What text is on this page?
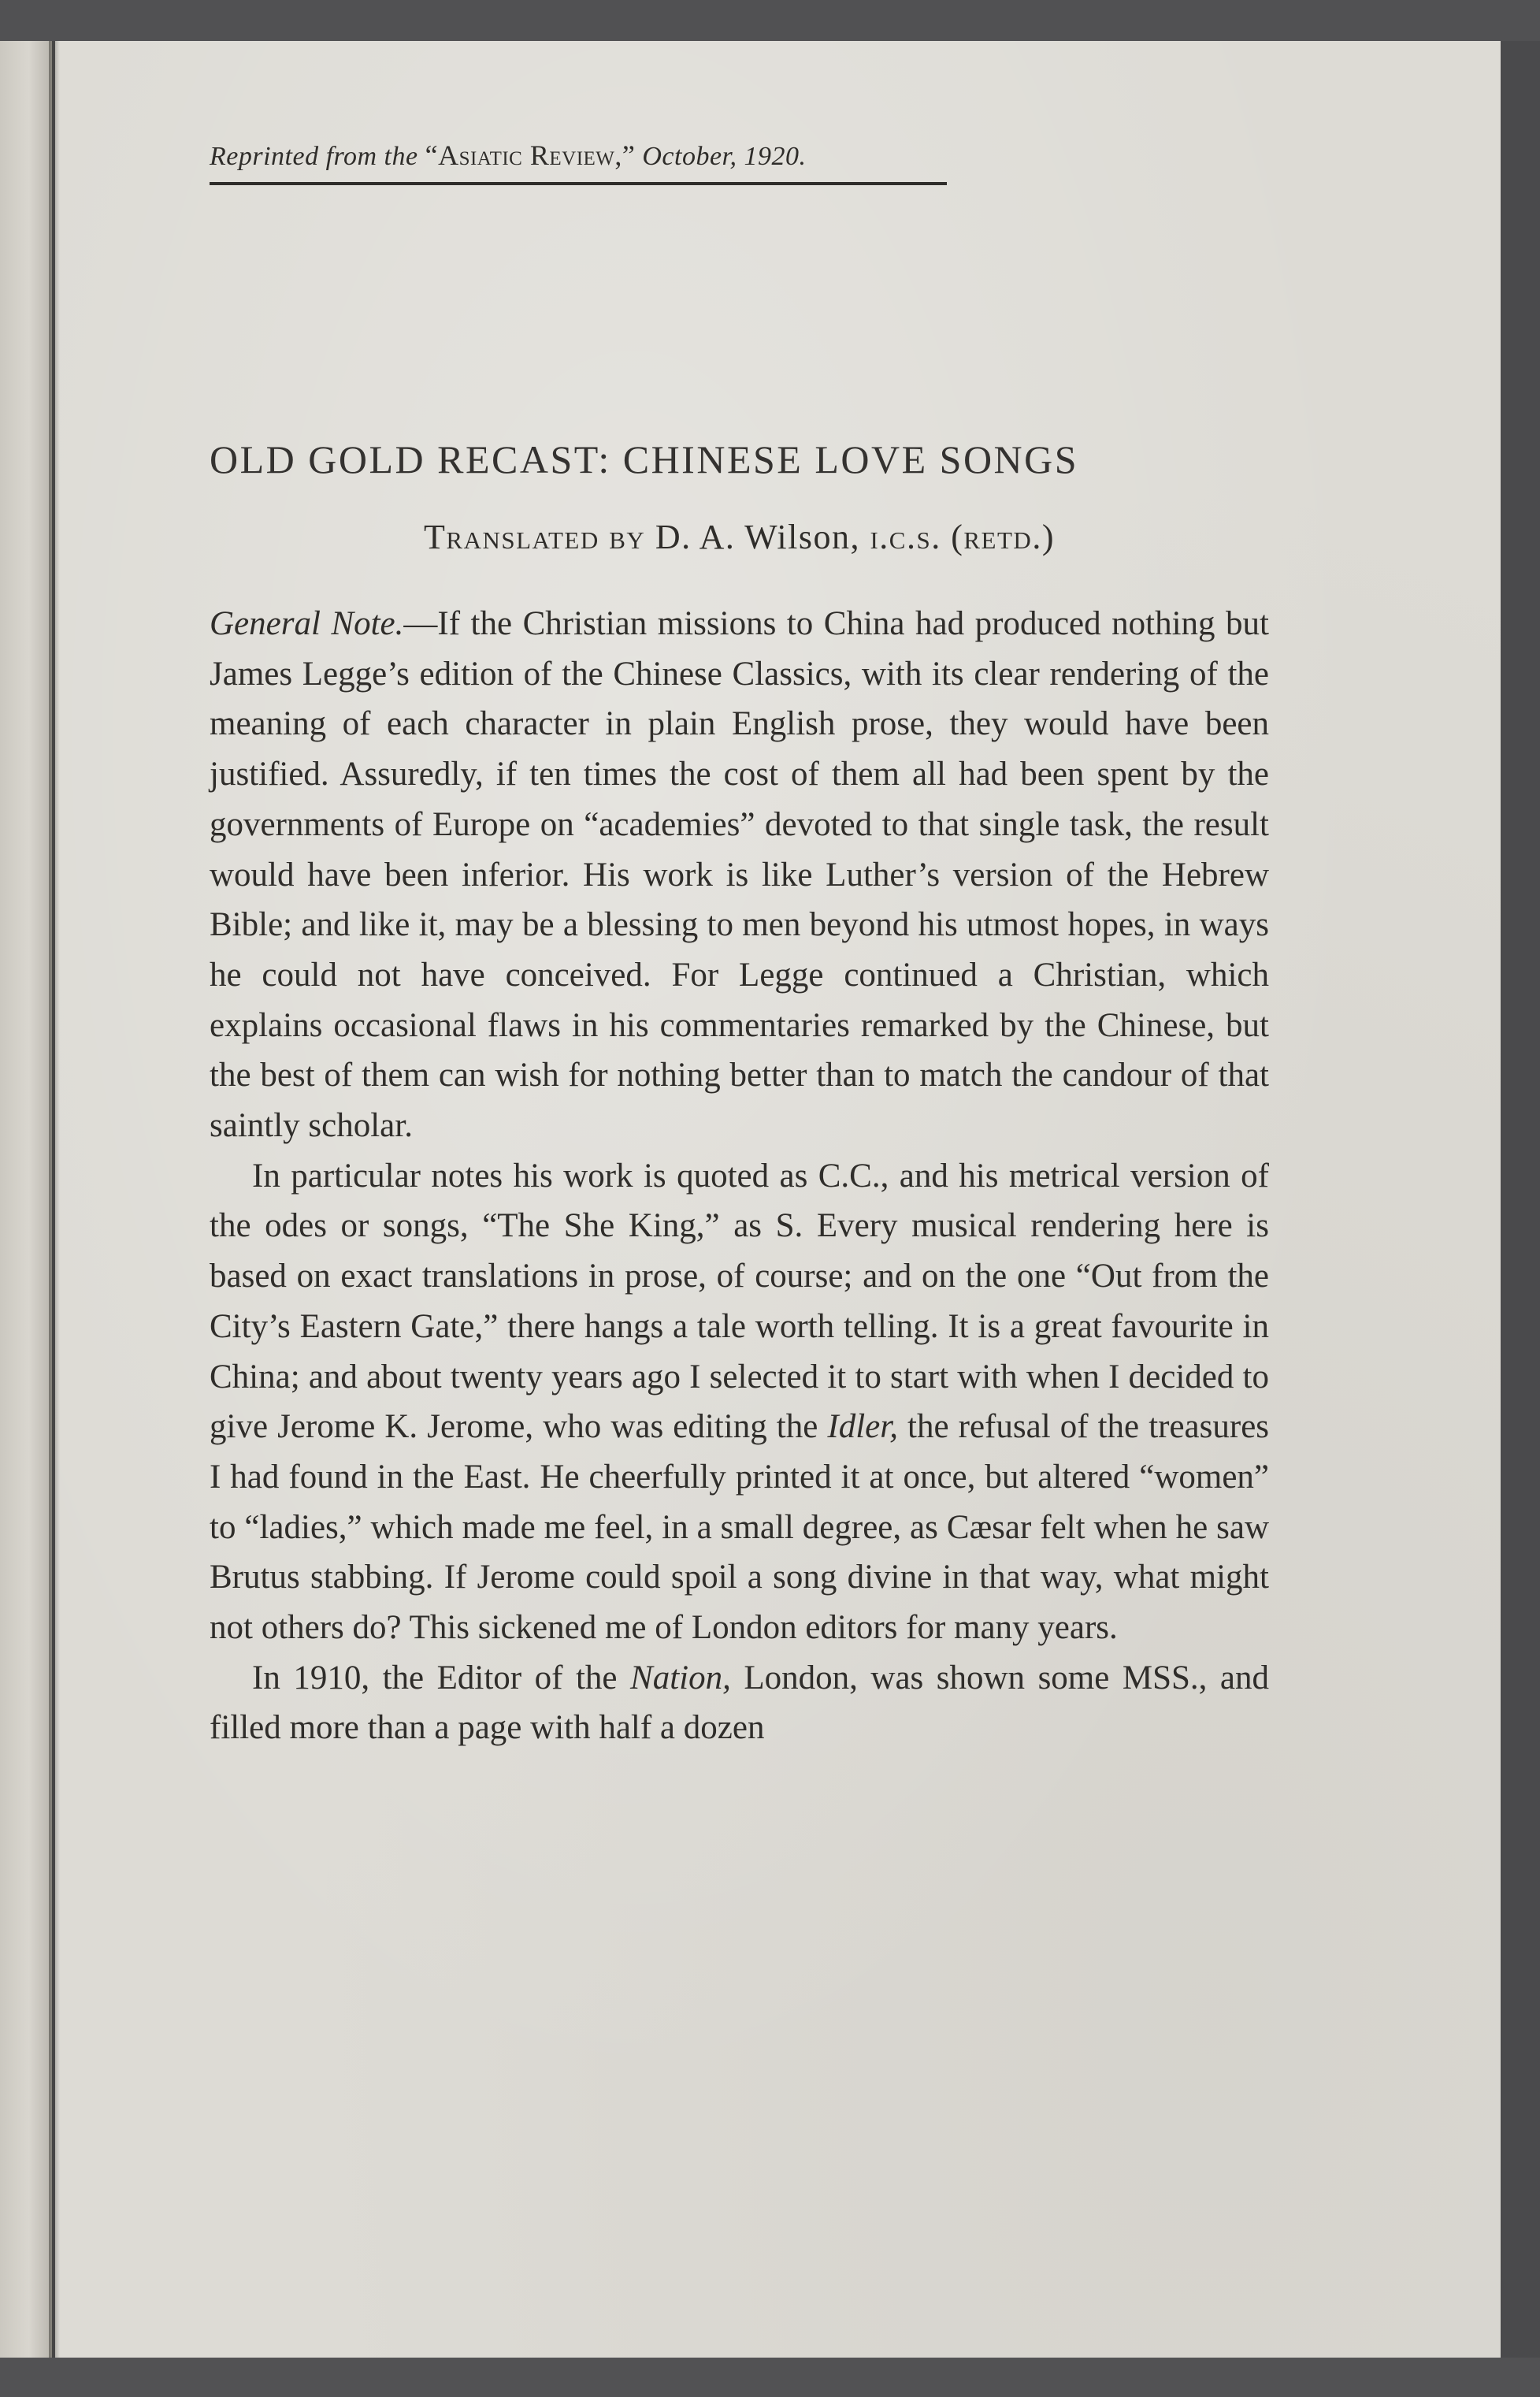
Reprinted from the “Asiatic Review,” October, 1920.
OLD GOLD RECAST: CHINESE LOVE SONGS
Translated by D. A. Wilson, i.c.s. (retd.)

General Note.—If the Christian missions to China had produced nothing but James Legge’s edition of the Chinese Classics, with its clear rendering of the meaning of each character in plain English prose, they would have been justified. Assuredly, if ten times the cost of them all had been spent by the governments of Europe on “academies” devoted to that single task, the result would have been inferior. His work is like Luther’s version of the Hebrew Bible; and like it, may be a blessing to men beyond his utmost hopes, in ways he could not have conceived. For Legge continued a Christian, which explains occasional flaws in his commentaries remarked by the Chinese, but the best of them can wish for nothing better than to match the candour of that saintly scholar.

In particular notes his work is quoted as C.C., and his metrical version of the odes or songs, “The She King,” as S. Every musical rendering here is based on exact translations in prose, of course; and on the one “Out from the City’s Eastern Gate,” there hangs a tale worth telling. It is a great favourite in China; and about twenty years ago I selected it to start with when I decided to give Jerome K. Jerome, who was editing the Idler, the refusal of the treasures I had found in the East. He cheerfully printed it at once, but altered “women” to “ladies,” which made me feel, in a small degree, as Cæsar felt when he saw Brutus stabbing. If Jerome could spoil a song divine in that way, what might not others do? This sickened me of London editors for many years.

In 1910, the Editor of the Nation, London, was shown some MSS., and filled more than a page with half a dozen
